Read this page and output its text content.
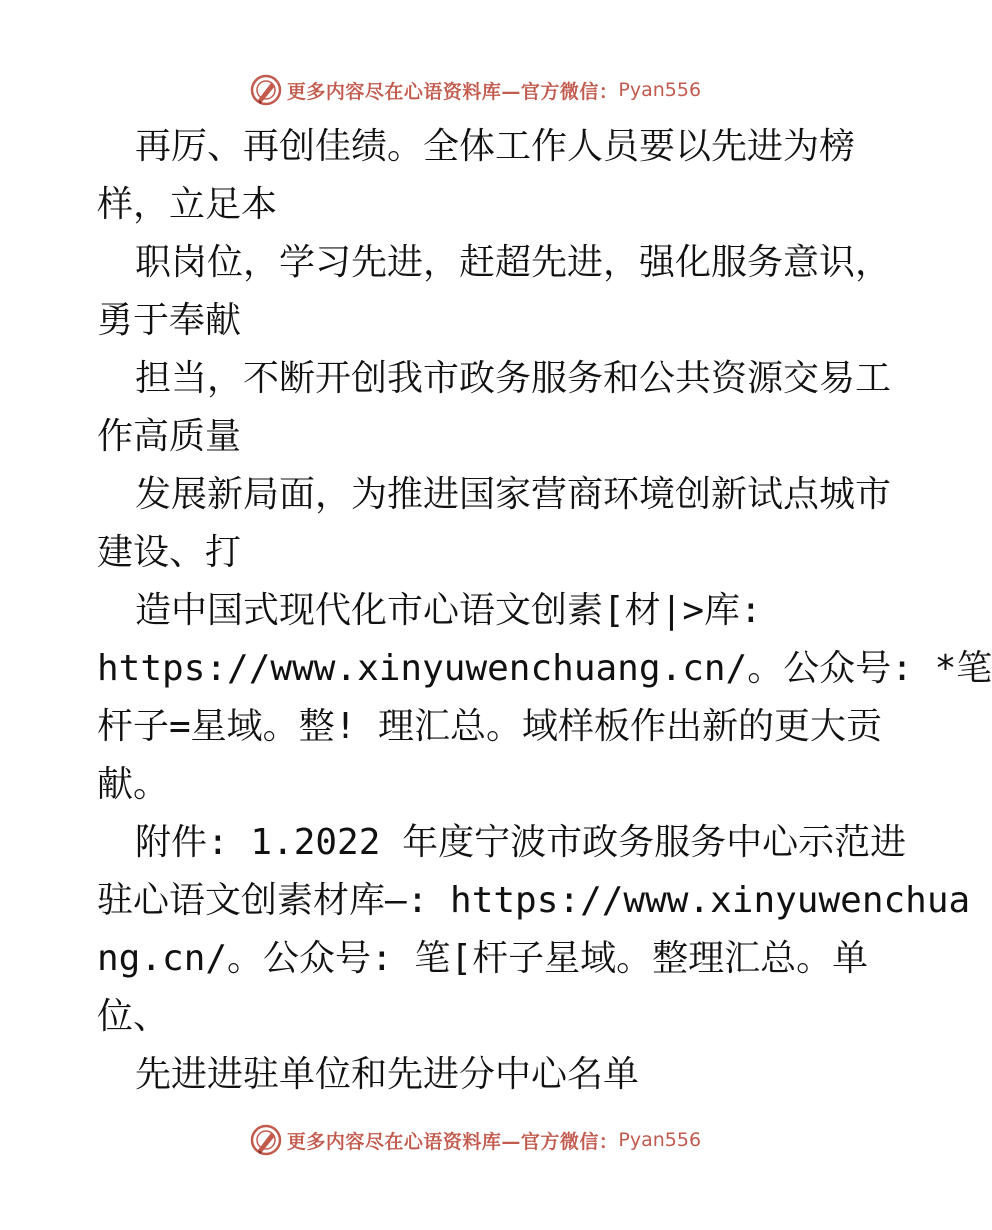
更多内容尽在心语资料库—官方微信： Pyan556
再厉、再创佳绩。全体工作人员要以先进为榜
样，立足本
职岗位，学习先进，赶超先进，强化服务意识，
勇于奉献
担当，不断开创我市政务服务和公共资源交易工
作高质量
发展新局面，为推进国家营商环境创新试点城市
建设、打
造中国式现代化市心语文创素[材|>库:
https://www.xinyuwenchuang.cn/。公众号: *笔
杆子=星域。整! 理汇总。域样板作出新的更大贡
献。
附件: 1.2022 年度宁波市政务服务中心示范进
驻心语文创素材库—: https://www.xinyuwenchua
ng.cn/。公众号: 笔[杆子星域。整理汇总。单
位、
先进进驻单位和先进分中心名单
更多内容尽在心语资料库—官方微信： Pyan556
